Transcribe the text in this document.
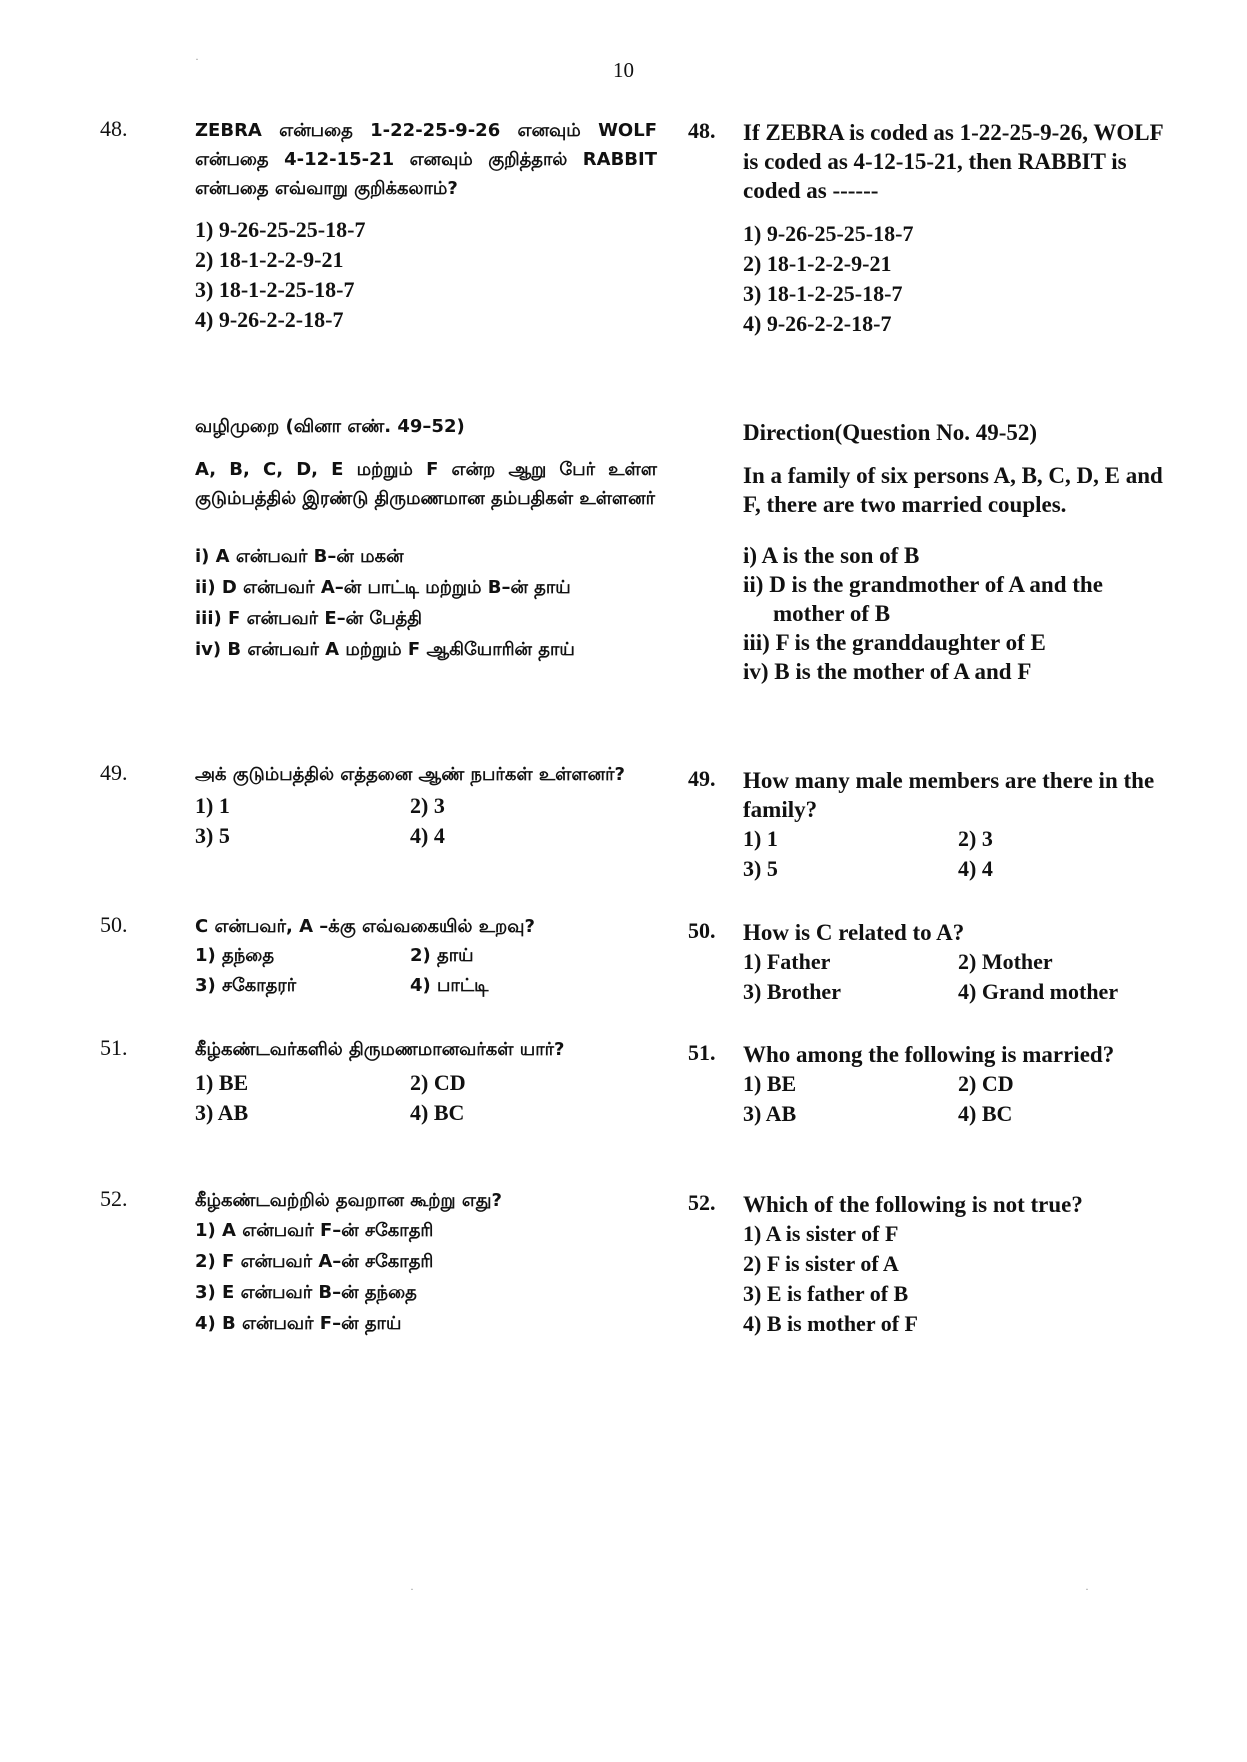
10
48.	ZEBRA என்பதை 1-22-25-9-26 எனவும் WOLF என்பதை 4-12-15-21 எனவும் குறித்தால் RABBIT என்பதை எவ்வாறு குறிக்கலாம்?
1) 9-26-25-25-18-7
2) 18-1-2-2-9-21
3) 18-1-2-25-18-7
4) 9-26-2-2-18-7
வழிமுறை (வினா எண். 49–52)
A, B, C, D, E மற்றும் F என்ற ஆறு பேர் உள்ள குடும்பத்தில் இரண்டு திருமணமான தம்பதிகள் உள்ளனர்
i) A என்பவர் B–ன் மகன்
ii) D என்பவர் A–ன் பாட்டி மற்றும் B–ன் தாய்
iii) F என்பவர் E–ன் பேத்தி
iv) B என்பவர் A மற்றும் F ஆகியோரின் தாய்
49.	அக் குடும்பத்தில் எத்தனை ஆண் நபர்கள் உள்ளனர்?
1) 1	2) 3
3) 5	4) 4
50.	C என்பவர், A –க்கு எவ்வகையில் உறவு?
1) தந்தை	2) தாய்
3) சகோதரர்	4) பாட்டி
51.	கீழ்கண்டவர்களில் திருமணமானவர்கள் யார்?
1) BE	2) CD
3) AB	4) BC
52.	கீழ்கண்டவற்றில் தவறான கூற்று எது?
1) A என்பவர் F–ன் சகோதரி
2) F என்பவர் A–ன் சகோதரி
3) E என்பவர் B–ன் தந்தை
4) B என்பவர் F–ன் தாய்
48. If ZEBRA is coded as 1-22-25-9-26, WOLF is coded as 4-12-15-21, then RABBIT is coded as ------
1) 9-26-25-25-18-7
2) 18-1-2-2-9-21
3) 18-1-2-25-18-7
4) 9-26-2-2-18-7
Direction(Question No. 49-52)
In a family of six persons A, B, C, D, E and F, there are two married couples.
i) A is the son of B
ii) D is the grandmother of A and the
mother of B
iii) F is the granddaughter of E
iv) B is the mother of A and F
49. How many male members are there in the family?
1) 1	2) 3
3) 5	4) 4
50. How is C related to A?
1) Father	2) Mother
3) Brother	4) Grand mother
51. Who among the following is married?
1) BE	2) CD
3) AB	4) BC
52. Which of the following is not true?
1) A is sister of F
2) F is sister of A
3) E is father of B
4) B is mother of F
·
·	·
